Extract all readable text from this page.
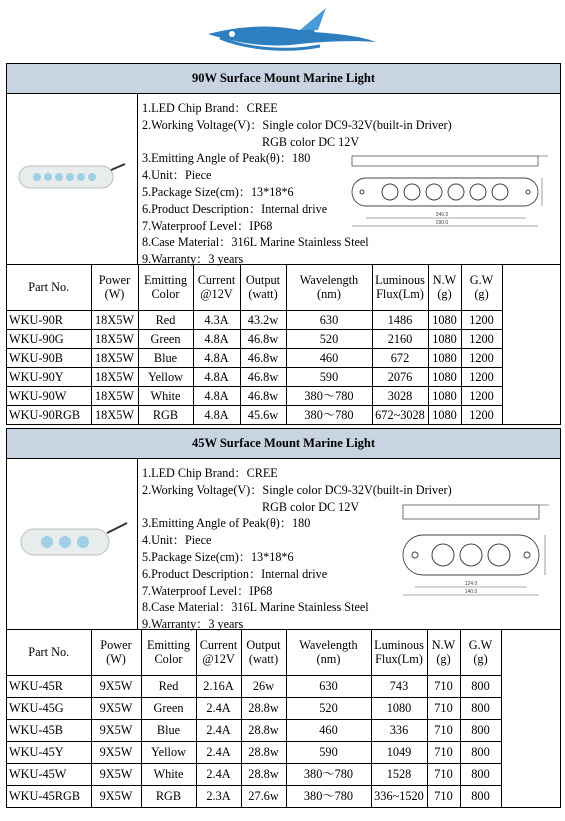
90W Surface Mount Marine Light
1.LED Chip Brand：CREE
2.Working Voltage(V)：Single color DC9-32V(built-in Driver)
RGB color DC 12V
3.Emitting Angle of Peak(θ)：180
4.Unit：Piece
5.Package Size(cm)：13*18*6
6.Product Description：Internal drive
7.Waterproof Level：IP68
8.Case Material：316L Marine Stainless Steel
9.Warranty：3 years
246.0
290.0
Part No.	Power (W)	Emitting Color	Current @12V	Output (watt)	Wavelength (nm)	Luminous Flux(Lm)	N.W (g)	G.W (g)	
WKU-90R	18X5W	Red	4.3A	43.2w	630	1486	1080	1200	
WKU-90G	18X5W	Green	4.8A	46.8w	520	2160	1080	1200	
WKU-90B	18X5W	Blue	4.8A	46.8w	460	672	1080	1200	
WKU-90Y	18X5W	Yellow	4.8A	46.8w	590	2076	1080	1200	
WKU-90W	18X5W	White	4.8A	46.8w	380～780	3028	1080	1200	
WKU-90RGB	18X5W	RGB	4.8A	45.6w	380～780	672~3028	1080	1200	
45W Surface Mount Marine Light
1.LED Chip Brand：CREE
2.Working Voltage(V)：Single color DC9-32V(built-in Driver)
RGB color DC 12V
3.Emitting Angle of Peak(θ)：180
4.Unit：Piece
5.Package Size(cm)：13*18*6
6.Product Description：Internal drive
7.Waterproof Level：IP68
8.Case Material：316L Marine Stainless Steel
9.Warranty：3 years
124.0
140.0
Part No.	Power (W)	Emitting Color	Current @12V	Output (watt)	Wavelength (nm)	Luminous Flux(Lm)	N.W (g)	G.W (g)	
WKU-45R	9X5W	Red	2.16A	26w	630	743	710	800	
WKU-45G	9X5W	Green	2.4A	28.8w	520	1080	710	800	
WKU-45B	9X5W	Blue	2.4A	28.8w	460	336	710	800	
WKU-45Y	9X5W	Yellow	2.4A	28.8w	590	1049	710	800	
WKU-45W	9X5W	White	2.4A	28.8w	380～780	1528	710	800	
WKU-45RGB	9X5W	RGB	2.3A	27.6w	380～780	336~1520	710	800	
